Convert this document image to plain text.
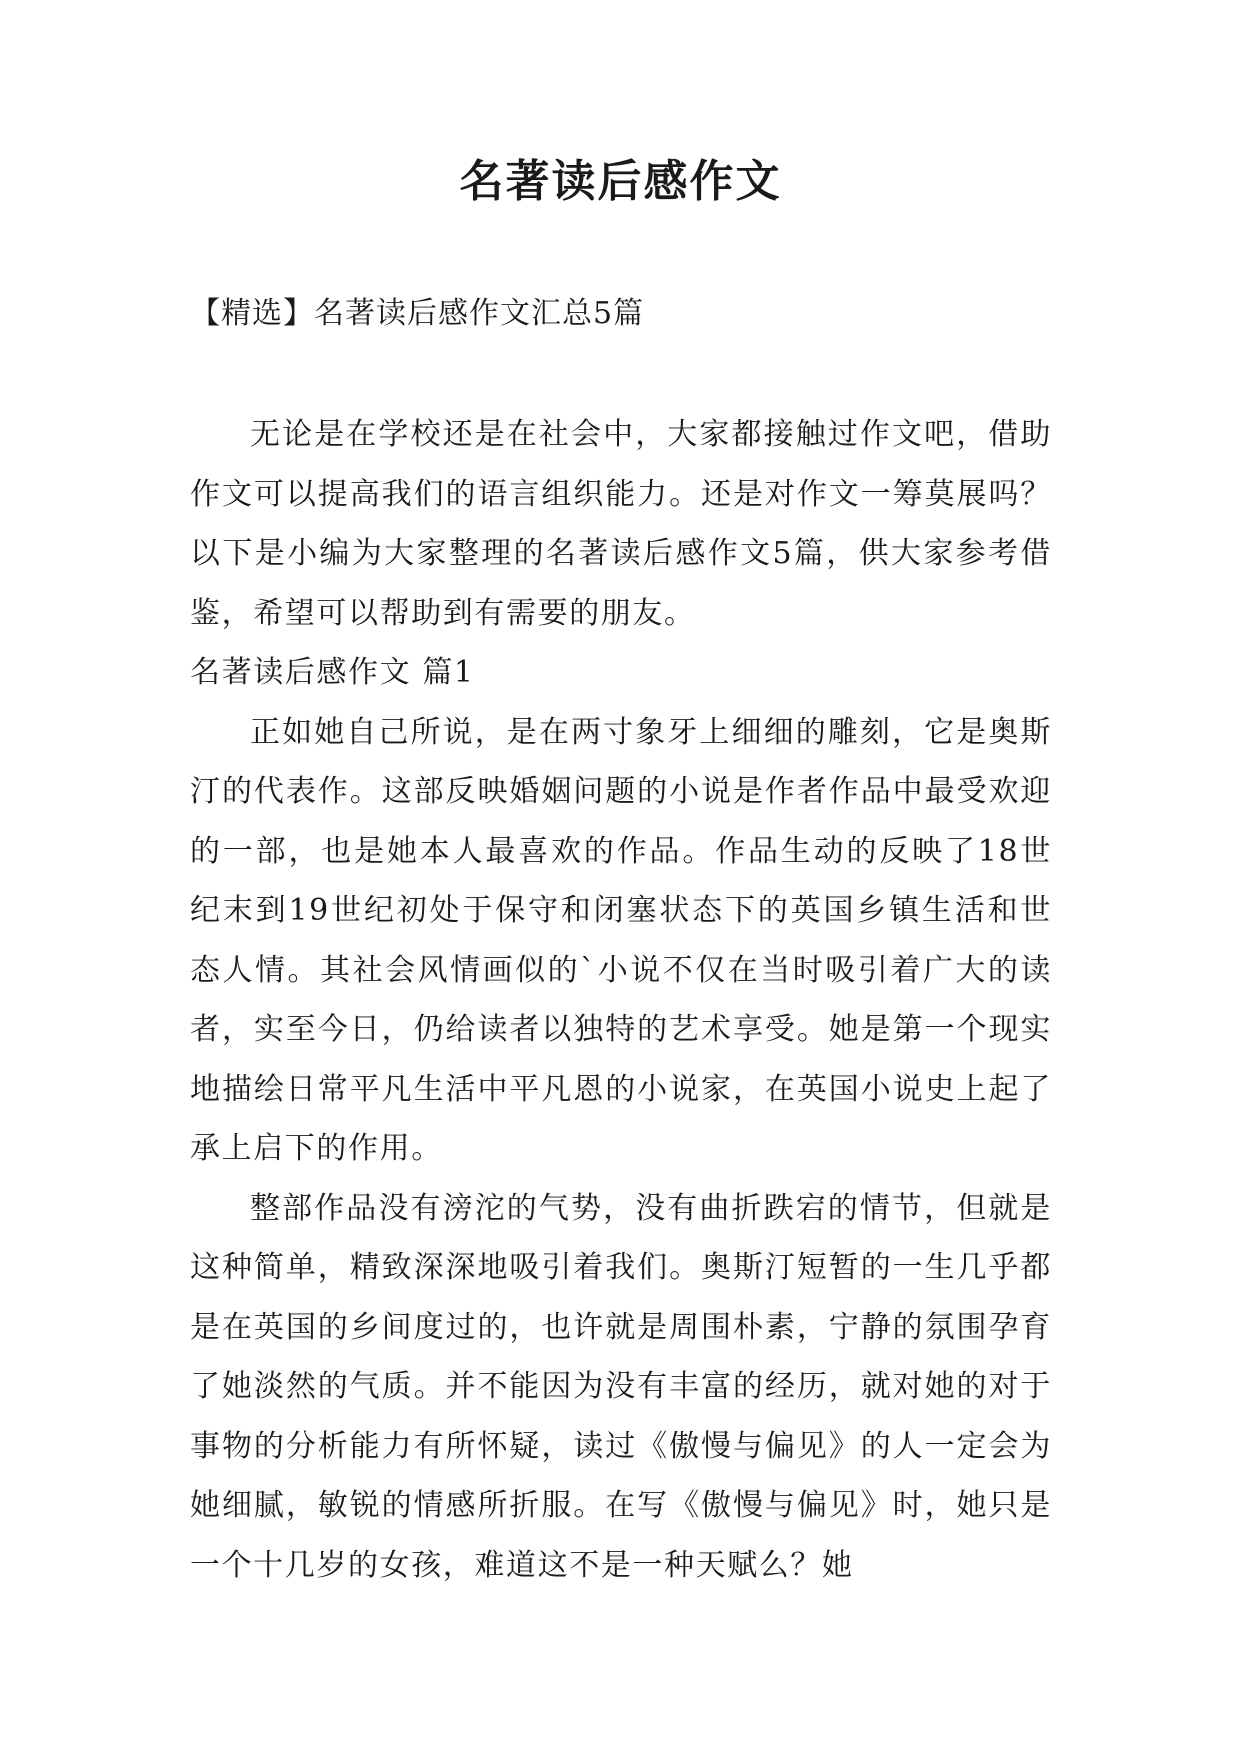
名著读后感作文
【精选】名著读后感作文汇总5篇

无论是在学校还是在社会中，大家都接触过作文吧，借助作文可以提高我们的语言组织能力。还是对作文一筹莫展吗？以下是小编为大家整理的名著读后感作文5篇，供大家参考借鉴，希望可以帮助到有需要的朋友。

名著读后感作文 篇1

正如她自己所说，是在两寸象牙上细细的雕刻，它是奥斯汀的代表作。这部反映婚姻问题的小说是作者作品中最受欢迎的一部，也是她本人最喜欢的作品。作品生动的反映了18世纪末到19世纪初处于保守和闭塞状态下的英国乡镇生活和世态人情。其社会风情画似的`小说不仅在当时吸引着广大的读者，实至今日，仍给读者以独特的艺术享受。她是第一个现实地描绘日常平凡生活中平凡恩的小说家，在英国小说史上起了承上启下的作用。

整部作品没有滂沱的气势，没有曲折跌宕的情节，但就是这种简单，精致深深地吸引着我们。奥斯汀短暂的一生几乎都是在英国的乡间度过的，也许就是周围朴素，宁静的氛围孕育了她淡然的气质。并不能因为没有丰富的经历，就对她的对于事物的分析能力有所怀疑，读过《傲慢与偏见》的人一定会为她细腻，敏锐的情感所折服。在写《傲慢与偏见》时，她只是一个十几岁的女孩，难道这不是一种天赋么？她
